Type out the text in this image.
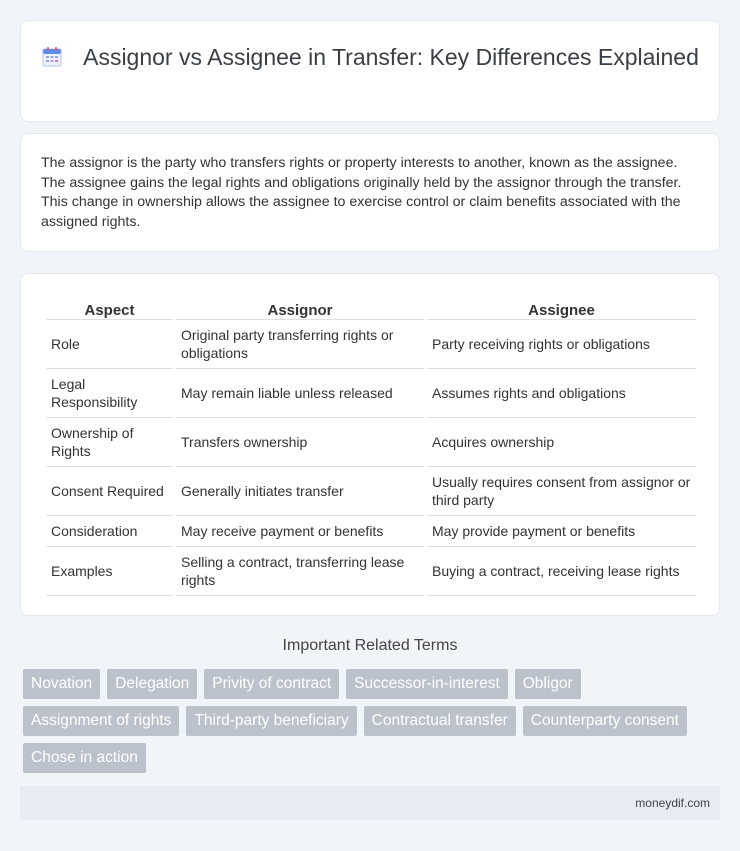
Assignor vs Assignee in Transfer: Key Differences Explained

The assignor is the party who transfers rights or property interests to another, known as the assignee. The assignee gains the legal rights and obligations originally held by the assignor through the transfer. This change in ownership allows the assignee to exercise control or claim benefits associated with the assigned rights.

Aspect	Assignor	Assignee
Role	Original party transferring rights or obligations	Party receiving rights or obligations
Legal Responsibility	May remain liable unless released	Assumes rights and obligations
Ownership of Rights	Transfers ownership	Acquires ownership
Consent Required	Generally initiates transfer	Usually requires consent from assignor or third party
Consideration	May receive payment or benefits	May provide payment or benefits
Examples	Selling a contract, transferring lease rights	Buying a contract, receiving lease rights
Important Related Terms
Novation	Delegation	Privity of contract	Successor-in-interest	Obligor
Assignment of rights	Third-party beneficiary	Contractual transfer	Counterparty consent
Chose in action
moneydif.com
